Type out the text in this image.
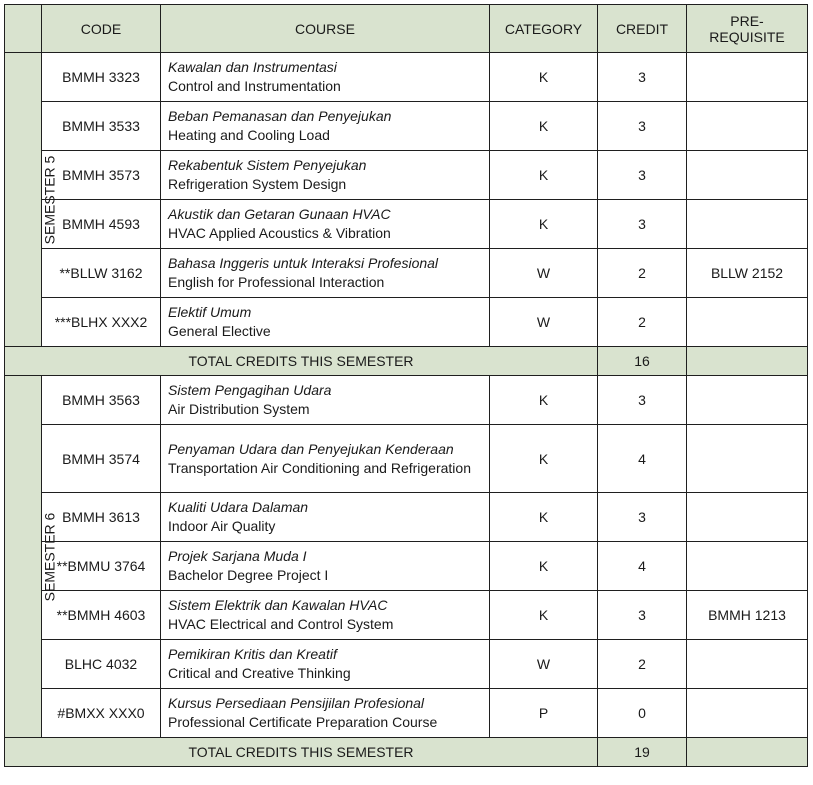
	CODE	COURSE	CATEGORY	CREDIT	PRE-
REQUISITE
SEMESTER 5	BMMH 3323	Kawalan dan Instrumentasi
Control and Instrumentation	K	3	
	BMMH 3533	Beban Pemanasan dan Penyejukan
Heating and Cooling Load	K	3	
	BMMH 3573	Rekabentuk Sistem Penyejukan
Refrigeration System Design	K	3	
	BMMH 4593	Akustik dan Getaran Gunaan HVAC
HVAC Applied Acoustics & Vibration	K	3	
	**BLLW 3162	Bahasa Inggeris untuk Interaksi Profesional
English for Professional Interaction	W	2	BLLW 2152
	***BLHX XXX2	Elektif Umum
General Elective	W	2	
TOTAL CREDITS THIS SEMESTER				16	
SEMESTER 6	BMMH 3563	Sistem Pengagihan Udara
Air Distribution System	K	3	
	BMMH 3574	Penyaman Udara dan Penyejukan Kenderaan
Transportation Air Conditioning and Refrigeration	K	4	
	BMMH 3613	Kualiti Udara Dalaman
Indoor Air Quality	K	3	
	**BMMU 3764	Projek Sarjana Muda I
Bachelor Degree Project I	K	4	
	**BMMH 4603	Sistem Elektrik dan Kawalan HVAC
HVAC Electrical and Control System	K	3	BMMH 1213
	BLHC 4032	Pemikiran Kritis dan Kreatif
Critical and Creative Thinking	W	2	
	#BMXX XXX0	Kursus Persediaan Pensijilan Profesional
Professional Certificate Preparation Course	P	0	
TOTAL CREDITS THIS SEMESTER				19	
